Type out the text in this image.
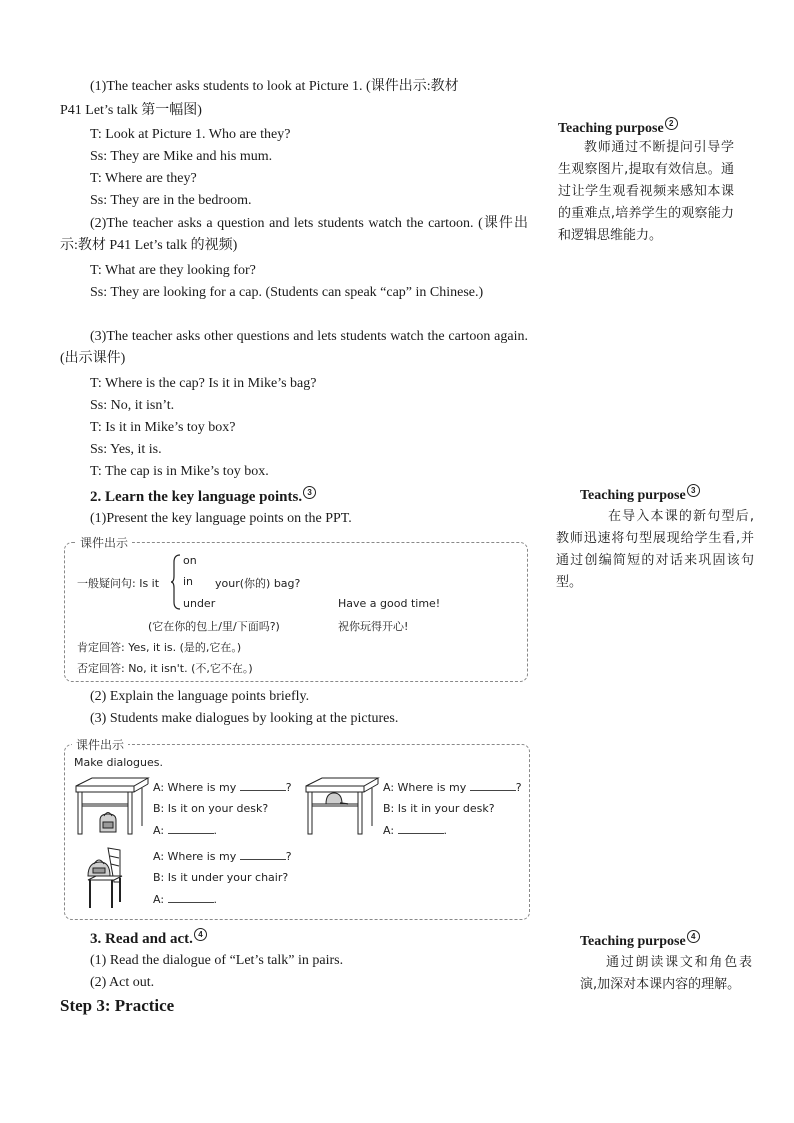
(1)The teacher asks students to look at Picture 1. (课件出示:教材
P41 Let’s talk 第一幅图)
T: Look at Picture 1. Who are they?
Ss: They are Mike and his mum.
T: Where are they?
Ss: They are in the bedroom.
(2)The teacher asks a question and lets students watch the cartoon. (课件出示:教材 P41 Let’s talk 的视频)
T: What are they looking for?
Ss: They are looking for a cap. (Students can speak “cap” in Chinese.)
(3)The teacher asks other questions and lets students watch the cartoon again. (出示课件)
T: Where is the cap? Is it in Mike’s bag?
Ss: No, it isn’t.
T: Is it in Mike’s toy box?
Ss: Yes, it is.
T: The cap is in Mike’s toy box.
2. Learn the key language points. 3
(1)Present the key language points on the PPT.
课件出示
一般疑问句: Is it
on
in
under
your(你的) bag?
Have a good time!
(它在你的包上/里/下面吗?)	祝你玩得开心!
肯定回答: Yes, it is. (是的,它在。)
否定回答: No, it isn't. (不,它不在。)
(2) Explain the language points briefly.
(3) Students make dialogues by looking at the pictures.
课件出示
Make dialogues.
A: Where is my	?
B: Is it on your desk?
A:	.
A: Where is my	?
B: Is it in your desk?
A:	.
A: Where is my	?
B: Is it under your chair?
A:	.
3. Read and act. 4
(1) Read the dialogue of “Let’s talk” in pairs.
(2) Act out.
Step 3: Practice
Teaching purpose 2
教师通过不断提问引导学生观察图片,提取有效信息。通过让学生观看视频来感知本课的重难点,培养学生的观察能力和逻辑思维能力。
Teaching purpose 3
在导入本课的新句型后,教师迅速将句型展现给学生看,并通过创编简短的对话来巩固该句型。
Teaching purpose 4
通过朗读课文和角色表演,加深对本课内容的理解。
